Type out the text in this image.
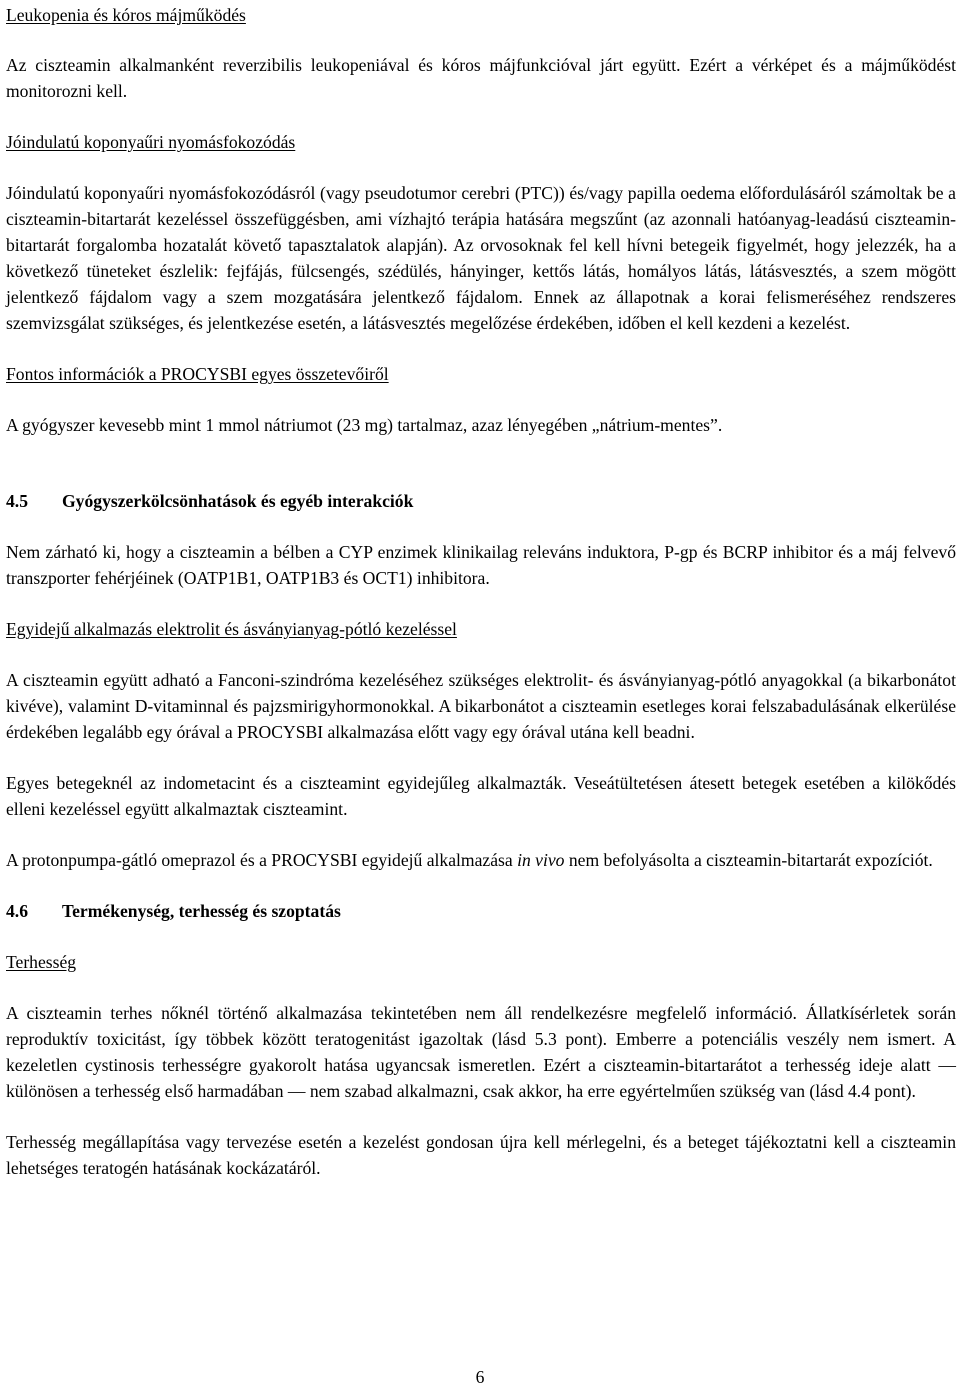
Leukopenia és kóros májműködés

Az ciszteamin alkalmanként reverzibilis leukopeniával és kóros májfunkcióval járt együtt. Ezért a vérképet és a májműködést monitorozni kell.

Jóindulatú koponyaűri nyomásfokozódás

Jóindulatú koponyaűri nyomásfokozódásról (vagy pseudotumor cerebri (PTC)) és/vagy papilla oedema előfordulásáról számoltak be a ciszteamin-bitartarát kezeléssel összefüggésben, ami vízhajtó terápia hatására megszűnt (az azonnali hatóanyag-leadású ciszteamin-bitartarát forgalomba hozatalát követő tapasztalatok alapján). Az orvosoknak fel kell hívni betegeik figyelmét, hogy jelezzék, ha a következő tüneteket észlelik: fejfájás, fülcsengés, szédülés, hányinger, kettős látás, homályos látás, látásvesztés, a szem mögött jelentkező fájdalom vagy a szem mozgatására jelentkező fájdalom. Ennek az állapotnak a korai felismeréséhez rendszeres szemvizsgálat szükséges, és jelentkezése esetén, a látásvesztés megelőzése érdekében, időben el kell kezdeni a kezelést.

Fontos információk a PROCYSBI egyes összetevőiről

A gyógyszer kevesebb mint 1 mmol nátriumot (23 mg) tartalmaz, azaz lényegében „nátrium-mentes”.

4.5 Gyógyszerkölcsönhatások és egyéb interakciók

Nem zárható ki, hogy a ciszteamin a bélben a CYP enzimek klinikailag releváns induktora, P-gp és BCRP inhibitor és a máj felvevő transzporter fehérjéinek (OATP1B1, OATP1B3 és OCT1) inhibitora.

Egyidejű alkalmazás elektrolit és ásványianyag-pótló kezeléssel

A ciszteamin együtt adható a Fanconi-szindróma kezeléséhez szükséges elektrolit- és ásványianyag-pótló anyagokkal (a bikarbonátot kivéve), valamint D-vitaminnal és pajzsmirigyhormonokkal. A bikarbonátot a ciszteamin esetleges korai felszabadulásának elkerülése érdekében legalább egy órával a PROCYSBI alkalmazása előtt vagy egy órával utána kell beadni.

Egyes betegeknél az indometacint és a ciszteamint egyidejűleg alkalmazták. Veseátültetésen átesett betegek esetében a kilökődés elleni kezeléssel együtt alkalmaztak ciszteamint.

A protonpumpa-gátló omeprazol és a PROCYSBI egyidejű alkalmazása in vivo nem befolyásolta a ciszteamin-bitartarát expozíciót.

4.6 Termékenység, terhesség és szoptatás

Terhesség

A ciszteamin terhes nőknél történő alkalmazása tekintetében nem áll rendelkezésre megfelelő információ. Állatkísérletek során reproduktív toxicitást, így többek között teratogenitást igazoltak (lásd 5.3 pont). Emberre a potenciális veszély nem ismert. A kezeletlen cystinosis terhességre gyakorolt hatása ugyancsak ismeretlen. Ezért a ciszteamin-bitartarátot a terhesség ideje alatt — különösen a terhesség első harmadában — nem szabad alkalmazni, csak akkor, ha erre egyértelműen szükség van (lásd 4.4 pont).

Terhesség megállapítása vagy tervezése esetén a kezelést gondosan újra kell mérlegelni, és a beteget tájékoztatni kell a ciszteamin lehetséges teratogén hatásának kockázatáról.

6
